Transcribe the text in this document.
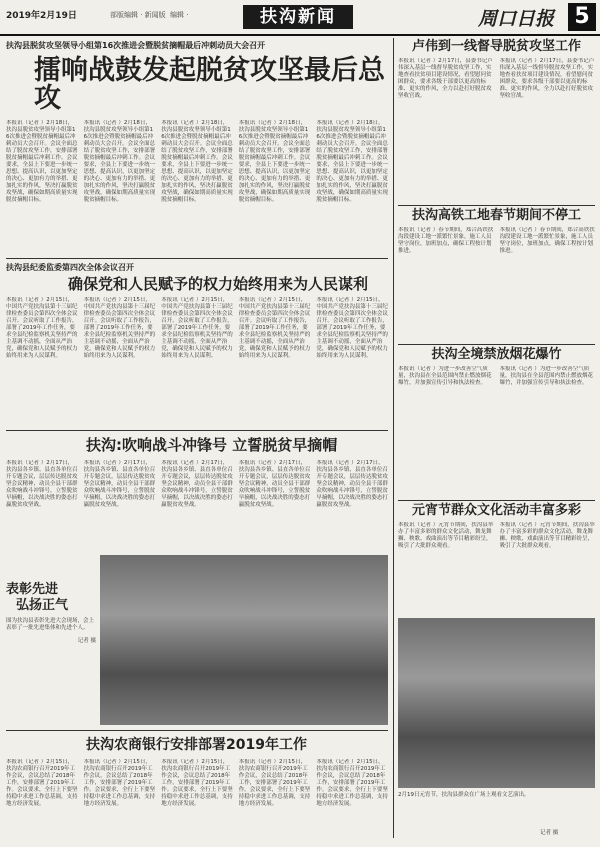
2019年2月19日	部版编辑 · 新闻版 编辑 ·	扶沟新闻	周口日报 5
扶沟县脱贫攻坚领导小组第16次推进会暨脱贫摘帽最后冲刺动员大会召开
擂响战鼓发起脱贫攻坚最后总攻
本报讯（记者 ）2月18日，扶沟县脱贫攻坚领导小组第16次推进会暨脱贫摘帽最后冲刺动员大会召开。会议全面总结了脱贫攻坚工作，安排部署脱贫摘帽最后冲刺工作。会议要求，全县上下要进一步统一思想、提高认识，以更加坚定的决心、更加有力的举措、更加扎实的作风，坚决打赢脱贫攻坚战，确保如期高质量实现脱贫摘帽目标。
本报讯（记者 ）2月18日，扶沟县脱贫攻坚领导小组第16次推进会暨脱贫摘帽最后冲刺动员大会召开。会议全面总结了脱贫攻坚工作，安排部署脱贫摘帽最后冲刺工作。会议要求，全县上下要进一步统一思想、提高认识，以更加坚定的决心、更加有力的举措、更加扎实的作风，坚决打赢脱贫攻坚战，确保如期高质量实现脱贫摘帽目标。
本报讯（记者 ）2月18日，扶沟县脱贫攻坚领导小组第16次推进会暨脱贫摘帽最后冲刺动员大会召开。会议全面总结了脱贫攻坚工作，安排部署脱贫摘帽最后冲刺工作。会议要求，全县上下要进一步统一思想、提高认识，以更加坚定的决心、更加有力的举措、更加扎实的作风，坚决打赢脱贫攻坚战，确保如期高质量实现脱贫摘帽目标。
本报讯（记者 ）2月18日，扶沟县脱贫攻坚领导小组第16次推进会暨脱贫摘帽最后冲刺动员大会召开。会议全面总结了脱贫攻坚工作，安排部署脱贫摘帽最后冲刺工作。会议要求，全县上下要进一步统一思想、提高认识，以更加坚定的决心、更加有力的举措、更加扎实的作风，坚决打赢脱贫攻坚战，确保如期高质量实现脱贫摘帽目标。
本报讯（记者 ）2月18日，扶沟县脱贫攻坚领导小组第16次推进会暨脱贫摘帽最后冲刺动员大会召开。会议全面总结了脱贫攻坚工作，安排部署脱贫摘帽最后冲刺工作。会议要求，全县上下要进一步统一思想、提高认识，以更加坚定的决心、更加有力的举措、更加扎实的作风，坚决打赢脱贫攻坚战，确保如期高质量实现脱贫摘帽目标。
扶沟县纪委监委第四次全体会议召开
确保党和人民赋予的权力始终用来为人民谋利
本报讯（记者 ）2月15日，中国共产党扶沟县第十三届纪律检查委员会第四次全体会议召开。会议听取了工作报告，部署了2019年工作任务，要求全县纪检监察机关坚持严的主基调不动摇，全面从严治党，确保党和人民赋予的权力始终用来为人民谋利。
本报讯（记者 ）2月15日，中国共产党扶沟县第十三届纪律检查委员会第四次全体会议召开。会议听取了工作报告，部署了2019年工作任务，要求全县纪检监察机关坚持严的主基调不动摇，全面从严治党，确保党和人民赋予的权力始终用来为人民谋利。
本报讯（记者 ）2月15日，中国共产党扶沟县第十三届纪律检查委员会第四次全体会议召开。会议听取了工作报告，部署了2019年工作任务，要求全县纪检监察机关坚持严的主基调不动摇，全面从严治党，确保党和人民赋予的权力始终用来为人民谋利。
本报讯（记者 ）2月15日，中国共产党扶沟县第十三届纪律检查委员会第四次全体会议召开。会议听取了工作报告，部署了2019年工作任务，要求全县纪检监察机关坚持严的主基调不动摇，全面从严治党，确保党和人民赋予的权力始终用来为人民谋利。
本报讯（记者 ）2月15日，中国共产党扶沟县第十三届纪律检查委员会第四次全体会议召开。会议听取了工作报告，部署了2019年工作任务，要求全县纪检监察机关坚持严的主基调不动摇，全面从严治党，确保党和人民赋予的权力始终用来为人民谋利。
扶沟:吹响战斗冲锋号 立誓脱贫早摘帽
本报讯（记者 ）2月17日，扶沟县各乡镇、县直各单位召开专题会议，层层传达脱贫攻坚会议精神，动员全县干部群众吹响战斗冲锋号，立誓脱贫早摘帽，以决战决胜的姿态打赢脱贫攻坚战。
本报讯（记者 ）2月17日，扶沟县各乡镇、县直各单位召开专题会议，层层传达脱贫攻坚会议精神，动员全县干部群众吹响战斗冲锋号，立誓脱贫早摘帽，以决战决胜的姿态打赢脱贫攻坚战。
本报讯（记者 ）2月17日，扶沟县各乡镇、县直各单位召开专题会议，层层传达脱贫攻坚会议精神，动员全县干部群众吹响战斗冲锋号，立誓脱贫早摘帽，以决战决胜的姿态打赢脱贫攻坚战。
本报讯（记者 ）2月17日，扶沟县各乡镇、县直各单位召开专题会议，层层传达脱贫攻坚会议精神，动员全县干部群众吹响战斗冲锋号，立誓脱贫早摘帽，以决战决胜的姿态打赢脱贫攻坚战。
本报讯（记者 ）2月17日，扶沟县各乡镇、县直各单位召开专题会议，层层传达脱贫攻坚会议精神，动员全县干部群众吹响战斗冲锋号，立誓脱贫早摘帽，以决战决胜的姿态打赢脱贫攻坚战。
表彰先进
弘扬正气
图为扶沟县表彰先进大会现场，会上表彰了一批先进集体和先进个人。
记者 摄
扶沟农商银行安排部署2019年工作
本报讯（记者 ）2月15日，扶沟农商银行召开2019年工作会议，会议总结了2018年工作，安排部署了2019年工作。会议要求，全行上下要坚持稳中求进工作总基调，支持地方经济发展。
本报讯（记者 ）2月15日，扶沟农商银行召开2019年工作会议，会议总结了2018年工作，安排部署了2019年工作。会议要求，全行上下要坚持稳中求进工作总基调，支持地方经济发展。
本报讯（记者 ）2月15日，扶沟农商银行召开2019年工作会议，会议总结了2018年工作，安排部署了2019年工作。会议要求，全行上下要坚持稳中求进工作总基调，支持地方经济发展。
本报讯（记者 ）2月15日，扶沟农商银行召开2019年工作会议，会议总结了2018年工作，安排部署了2019年工作。会议要求，全行上下要坚持稳中求进工作总基调，支持地方经济发展。
本报讯（记者 ）2月15日，扶沟农商银行召开2019年工作会议，会议总结了2018年工作，安排部署了2019年工作。会议要求，全行上下要坚持稳中求进工作总基调，支持地方经济发展。
卢伟到一线督导脱贫攻坚工作
本报讯（记者 ）2月17日，县委书记卢伟深入基层一线督导脱贫攻坚工作，实地查看扶贫项目建设情况，看望慰问贫困群众，要求各级干部要以更高的标准、更实的作风，全力以赴打好脱贫攻坚收官战。
本报讯（记者 ）2月17日，县委书记卢伟深入基层一线督导脱贫攻坚工作，实地查看扶贫项目建设情况，看望慰问贫困群众，要求各级干部要以更高的标准、更实的作风，全力以赴打好脱贫攻坚收官战。
扶沟高铁工地春节期间不停工
本报讯（记者 ）春节期间，郑合高铁扶沟段建设工地一派繁忙景象，施工人员坚守岗位，加班加点，确保工程按计划推进。
本报讯（记者 ）春节期间，郑合高铁扶沟段建设工地一派繁忙景象，施工人员坚守岗位，加班加点，确保工程按计划推进。
扶沟全境禁放烟花爆竹
本报讯（记者 ）为进一步改善空气质量，扶沟县在全县范围内禁止燃放烟花爆竹，并加强宣传引导和执法检查。
本报讯（记者 ）为进一步改善空气质量，扶沟县在全县范围内禁止燃放烟花爆竹，并加强宣传引导和执法检查。
元宵节群众文化活动丰富多彩
本报讯（记者 ）元宵节期间，扶沟县举办了丰富多彩的群众文化活动，舞龙舞狮、秧歌、戏曲演出等节目精彩纷呈，吸引了大批群众观看。
本报讯（记者 ）元宵节期间，扶沟县举办了丰富多彩的群众文化活动，舞龙舞狮、秧歌、戏曲演出等节目精彩纷呈，吸引了大批群众观看。
2月19日元宵节，扶沟县群众在广场上观看文艺演出。
记者 摄
